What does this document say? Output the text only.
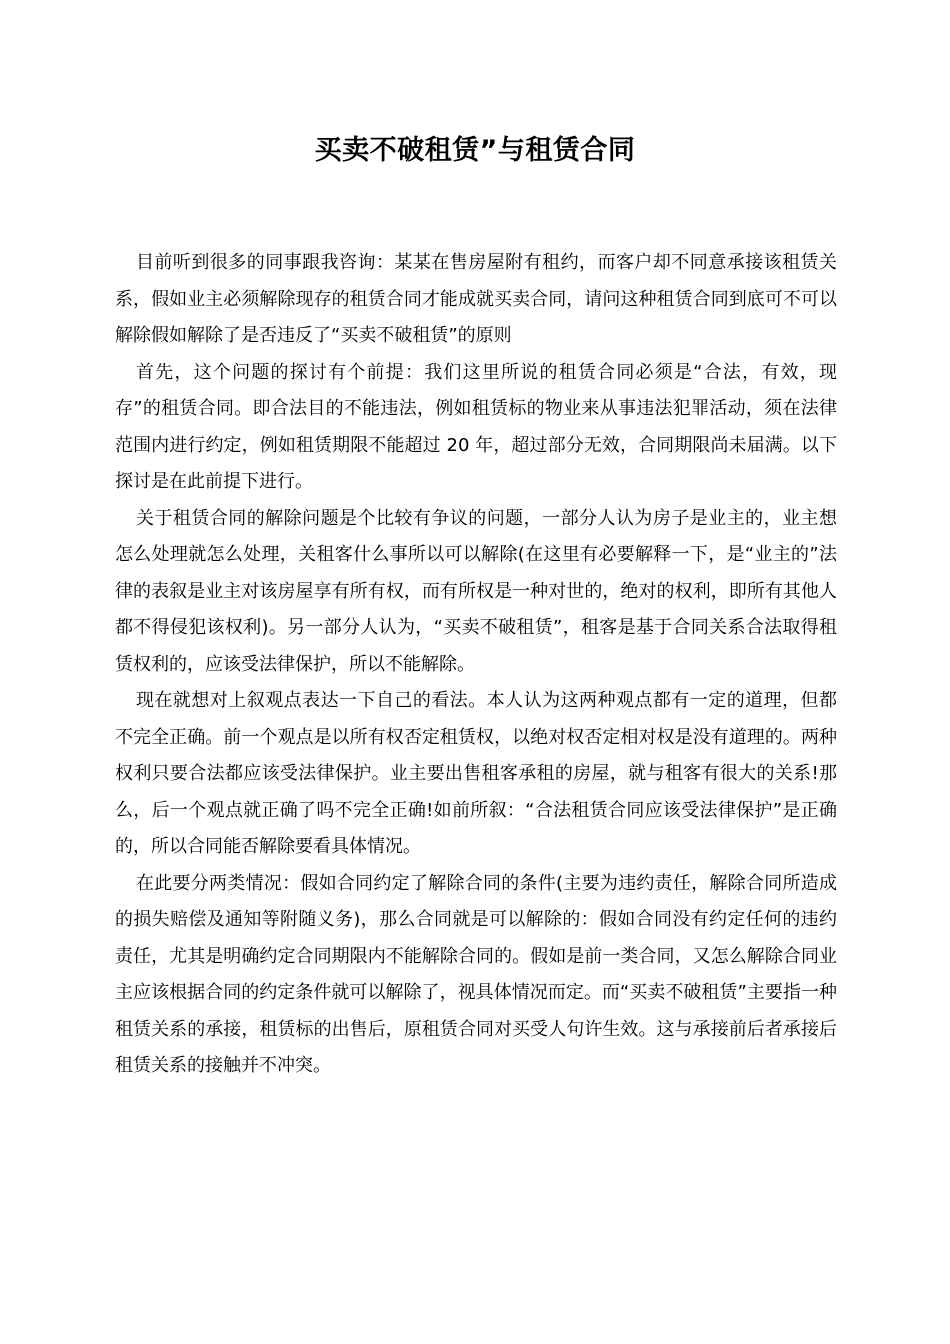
买卖不破租赁”与租赁合同

目前听到很多的同事跟我咨询：某某在售房屋附有租约，而客户却不同意承接该租赁关系，假如业主必须解除现存的租赁合同才能成就买卖合同，请问这种租赁合同到底可不可以解除假如解除了是否违反了“买卖不破租赁”的原则

首先，这个问题的探讨有个前提：我们这里所说的租赁合同必须是“合法，有效，现存”的租赁合同。即合法目的不能违法，例如租赁标的物业来从事违法犯罪活动，须在法律范围内进行约定，例如租赁期限不能超过 20 年，超过部分无效，合同期限尚未届满。以下探讨是在此前提下进行。

关于租赁合同的解除问题是个比较有争议的问题，一部分人认为房子是业主的，业主想怎么处理就怎么处理，关租客什么事所以可以解除(在这里有必要解释一下，是“业主的”法律的表叙是业主对该房屋享有所有权，而有所权是一种对世的，绝对的权利，即所有其他人都不得侵犯该权利)。另一部分人认为，“买卖不破租赁”，租客是基于合同关系合法取得租赁权利的，应该受法律保护，所以不能解除。

现在就想对上叙观点表达一下自己的看法。本人认为这两种观点都有一定的道理，但都不完全正确。前一个观点是以所有权否定租赁权，以绝对权否定相对权是没有道理的。两种权利只要合法都应该受法律保护。业主要出售租客承租的房屋，就与租客有很大的关系!那么，后一个观点就正确了吗不完全正确!如前所叙：“合法租赁合同应该受法律保护”是正确的，所以合同能否解除要看具体情况。

在此要分两类情况：假如合同约定了解除合同的条件(主要为违约责任，解除合同所造成的损失赔偿及通知等附随义务)，那么合同就是可以解除的：假如合同没有约定任何的违约责任，尤其是明确约定合同期限内不能解除合同的。假如是前一类合同，又怎么解除合同业主应该根据合同的约定条件就可以解除了，视具体情况而定。而“买卖不破租赁”主要指一种租赁关系的承接，租赁标的出售后，原租赁合同对买受人句许生效。这与承接前后者承接后租赁关系的接触并不冲突。
